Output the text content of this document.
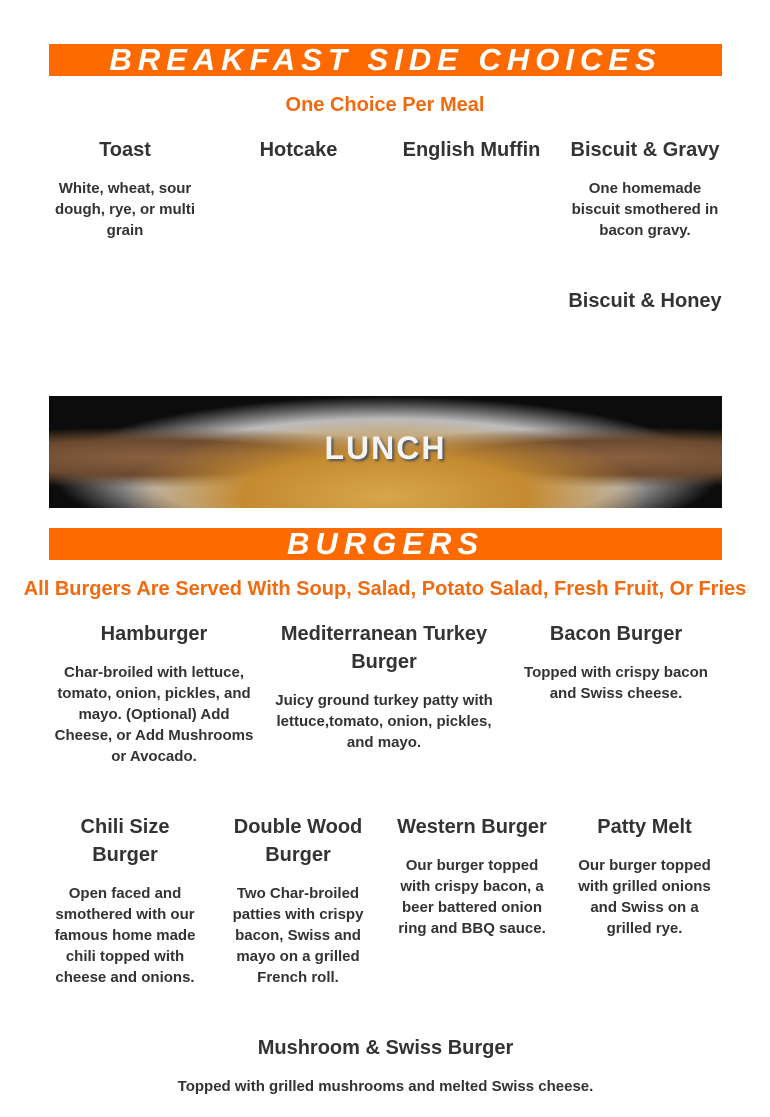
BREAKFAST SIDE CHOICES
One Choice Per Meal
Toast

White, wheat, sour dough, rye, or multi grain

Hotcake	English Muffin	Biscuit & Gravy

One homemade biscuit smothered in bacon gravy.

Biscuit & Honey
LUNCH
BURGERS
All Burgers Are Served With Soup, Salad, Potato Salad, Fresh Fruit, Or Fries
Hamburger

Char-broiled with lettuce, tomato, onion, pickles, and mayo. (Optional) Add Cheese, or Add Mushrooms or Avocado.

Mediterranean Turkey Burger

Juicy ground turkey patty with lettuce,tomato, onion, pickles, and mayo.

Bacon Burger

Topped with crispy bacon and Swiss cheese.

Chili Size Burger

Open faced and smothered with our famous home made chili topped with cheese and onions.

Double Wood Burger

Two Char-broiled patties with crispy bacon, Swiss and mayo on a grilled French roll.

Western Burger

Our burger topped with crispy bacon, a beer battered onion ring and BBQ sauce.

Patty Melt

Our burger topped with grilled onions and Swiss on a grilled rye.

Mushroom & Swiss Burger

Topped with grilled mushrooms and melted Swiss cheese.
